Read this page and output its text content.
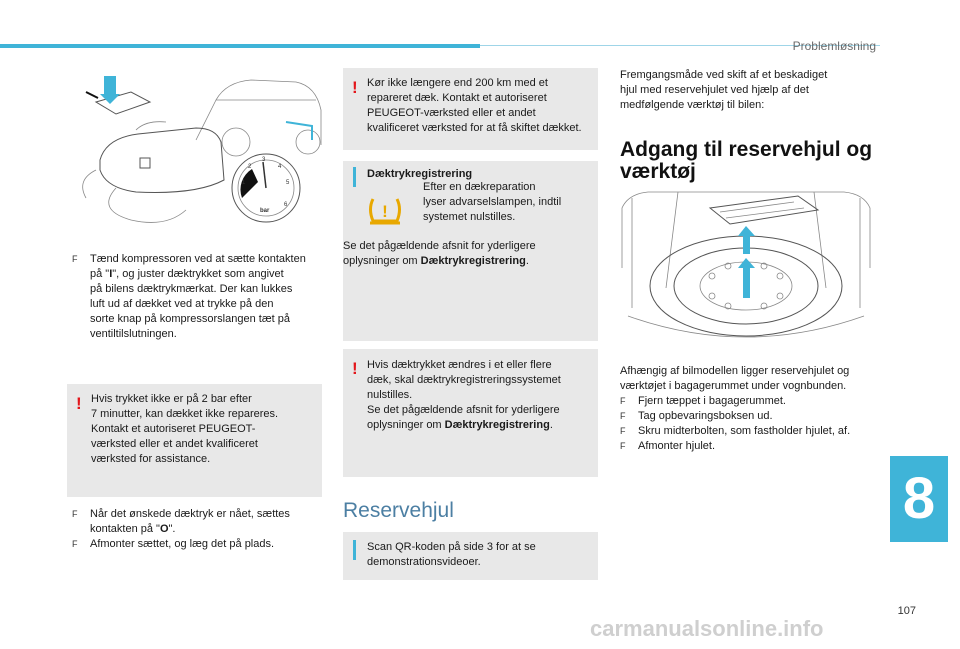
Problemløsning
1
2
3
4
5
6
bar
F Tænd kompressoren ved at sætte kontakten
på "I", og juster dæktrykket som angivet
på bilens dæktrykmærkat. Der kan lukkes
luft ud af dækket ved at trykke på den
sorte knap på kompressorslangen tæt på
ventiltilslutningen.
! Hvis trykket ikke er på 2 bar efter
7 minutter, kan dækket ikke repareres.
Kontakt et autoriseret PEUGEOT-
værksted eller et andet kvalificeret
værksted for assistance.
F Når det ønskede dæktryk er nået, sættes
kontakten på "O".
F Afmonter sættet, og læg det på plads.
! Kør ikke længere end 200 km med et
repareret dæk. Kontakt et autoriseret
PEUGEOT-værksted eller et andet
kvalificeret værksted for at få skiftet dækket.
Dæktrykregistrering
!
Efter en dækreparation
lyser advarselslampen, indtil
systemet nulstilles.
Se det pågældende afsnit for yderligere
oplysninger om Dæktrykregistrering.
! Hvis dæktrykket ændres i et eller flere
dæk, skal dæktrykregistreringssystemet
nulstilles.
Se det pågældende afsnit for yderligere
oplysninger om Dæktrykregistrering.
Reservehjul
Scan QR-koden på side 3 for at se
demonstrationsvideoer.
Fremgangsmåde ved skift af et beskadiget
hjul med reservehjulet ved hjælp af det
medfølgende værktøj til bilen:
Adgang til reservehjul og
værktøj
Afhængig af bilmodellen ligger reservehjulet og
værktøjet i bagagerummet under vognbunden.
F Fjern tæppet i bagagerummet.
F Tag opbevaringsboksen ud.
F Skru midterbolten, som fastholder hjulet, af.
F Afmonter hjulet.
8
107
carmanualsonline.info
